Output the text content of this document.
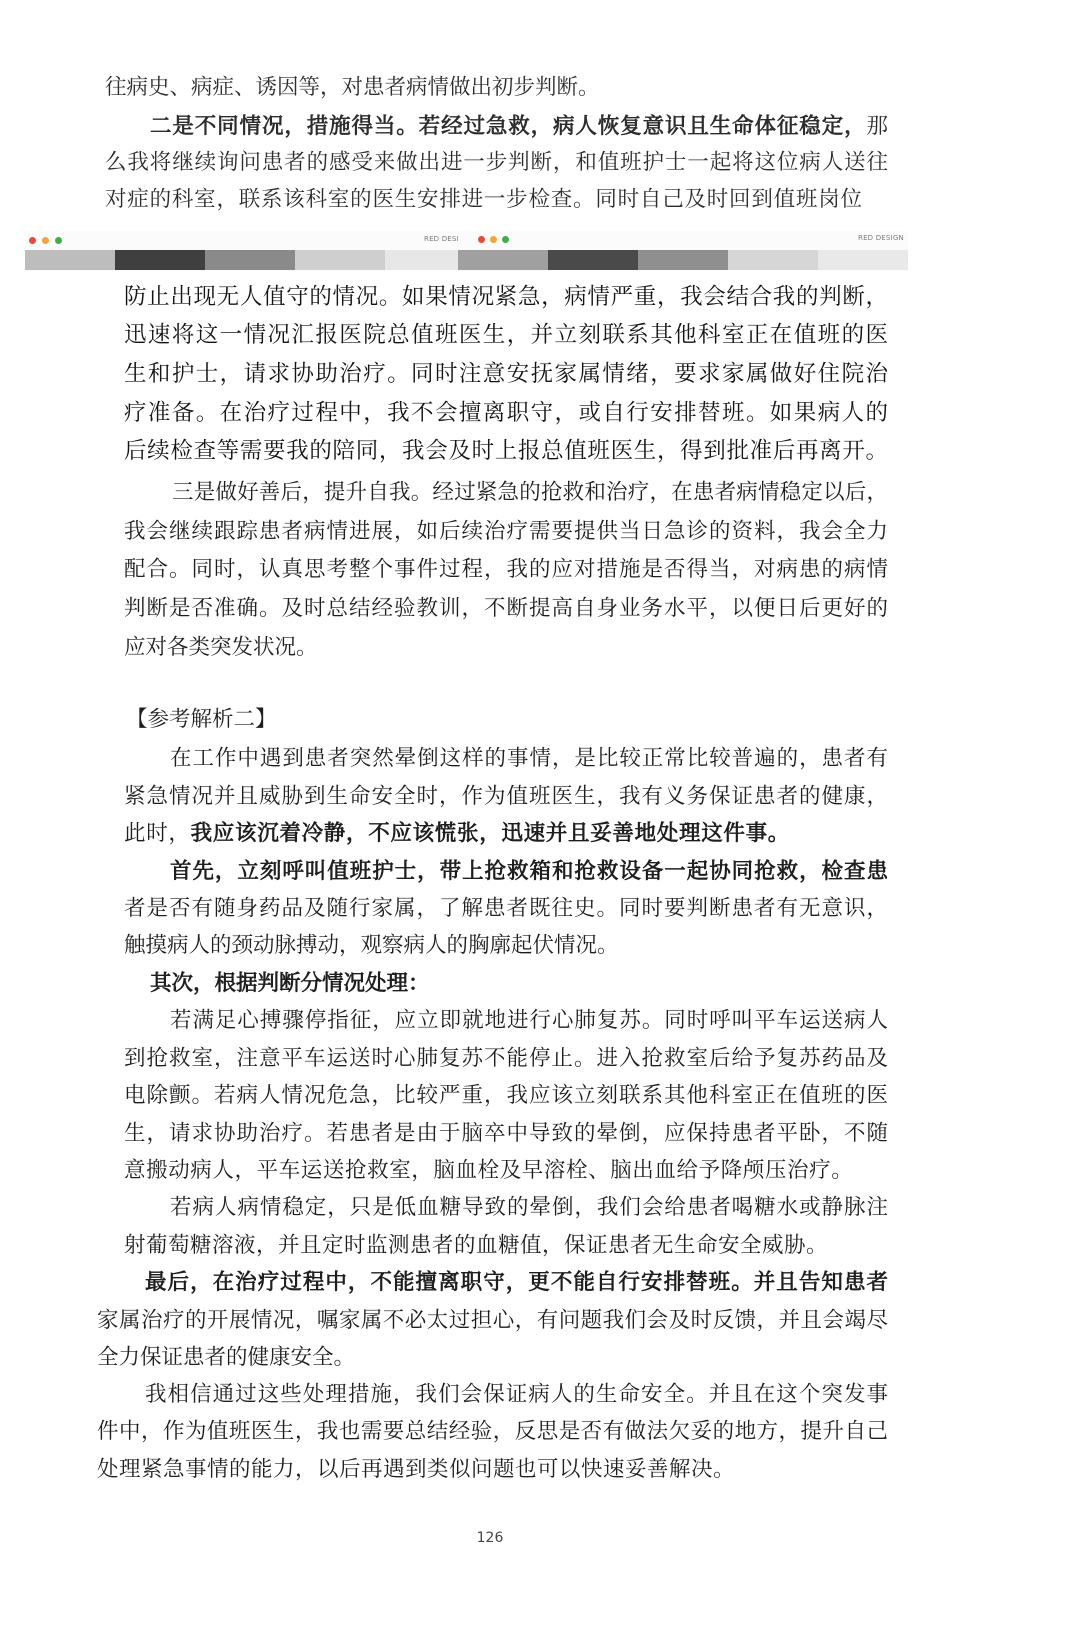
往病史、病症、诱因等，对患者病情做出初步判断。
二是不同情况，措施得当。若经过急救，病人恢复意识且生命体征稳定，那
么我将继续询问患者的感受来做出进一步判断，和值班护士一起将这位病人送往
对症的科室，联系该科室的医生安排进一步检查。同时自己及时回到值班岗位
RED DESI	RED DESIGN
防止出现无人值守的情况。如果情况紧急，病情严重，我会结合我的判断，
迅速将这一情况汇报医院总值班医生，并立刻联系其他科室正在值班的医
生和护士，请求协助治疗。同时注意安抚家属情绪，要求家属做好住院治
疗准备。在治疗过程中，我不会擅离职守，或自行安排替班。如果病人的
后续检查等需要我的陪同，我会及时上报总值班医生，得到批准后再离开。
三是做好善后，提升自我。经过紧急的抢救和治疗，在患者病情稳定以后，
我会继续跟踪患者病情进展，如后续治疗需要提供当日急诊的资料，我会全力
配合。同时，认真思考整个事件过程，我的应对措施是否得当，对病患的病情
判断是否准确。及时总结经验教训，不断提高自身业务水平，以便日后更好的
应对各类突发状况。
【参考解析二】
在工作中遇到患者突然晕倒这样的事情，是比较正常比较普遍的，患者有
紧急情况并且威胁到生命安全时，作为值班医生，我有义务保证患者的健康，
此时，我应该沉着冷静，不应该慌张，迅速并且妥善地处理这件事。
首先，立刻呼叫值班护士，带上抢救箱和抢救设备一起协同抢救，检查患
者是否有随身药品及随行家属，了解患者既往史。同时要判断患者有无意识，
触摸病人的颈动脉搏动，观察病人的胸廓起伏情况。
其次，根据判断分情况处理：
若满足心搏骤停指征，应立即就地进行心肺复苏。同时呼叫平车运送病人
到抢救室，注意平车运送时心肺复苏不能停止。进入抢救室后给予复苏药品及
电除颤。若病人情况危急，比较严重，我应该立刻联系其他科室正在值班的医
生，请求协助治疗。若患者是由于脑卒中导致的晕倒，应保持患者平卧，不随
意搬动病人，平车运送抢救室，脑血栓及早溶栓、脑出血给予降颅压治疗。
若病人病情稳定，只是低血糖导致的晕倒，我们会给患者喝糖水或静脉注
射葡萄糖溶液，并且定时监测患者的血糖值，保证患者无生命安全威胁。
最后，在治疗过程中，不能擅离职守，更不能自行安排替班。并且告知患者
家属治疗的开展情况，嘱家属不必太过担心，有问题我们会及时反馈，并且会竭尽
全力保证患者的健康安全。
我相信通过这些处理措施，我们会保证病人的生命安全。并且在这个突发事
件中，作为值班医生，我也需要总结经验，反思是否有做法欠妥的地方，提升自己
处理紧急事情的能力，以后再遇到类似问题也可以快速妥善解决。
126
